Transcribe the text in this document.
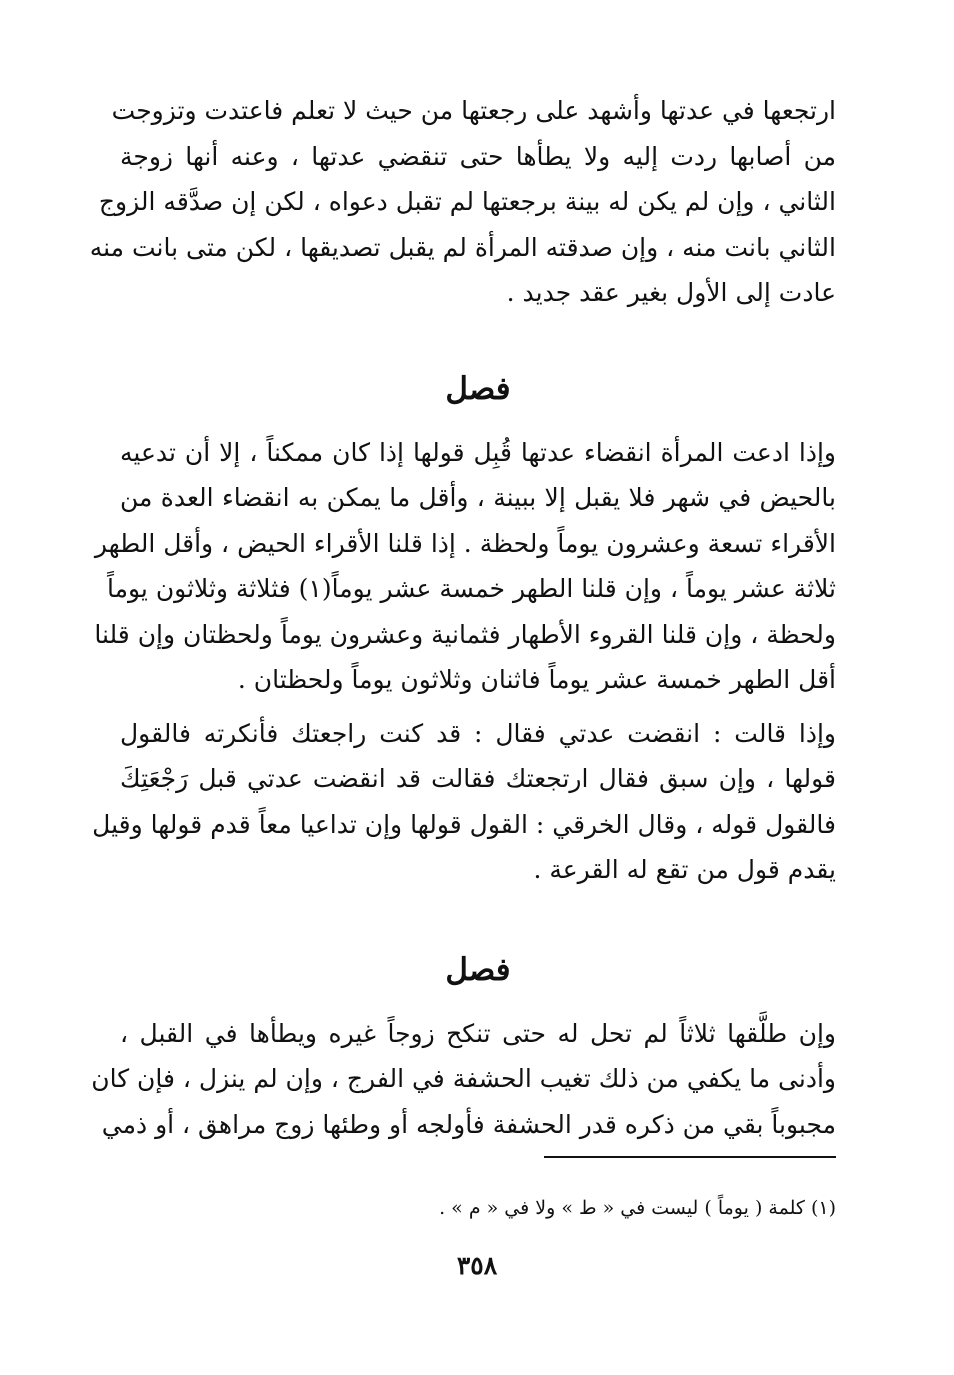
ارتجعها في عدتها وأشهد على رجعتها من حيث لا تعلم فاعتدت وتزوجت

من أصابها ردت إليه ولا يطأها حتى تنقضي عدتها ، وعنه أنها زوجة

الثاني ، وإن لم يكن له بينة برجعتها لم تقبل دعواه ، لكن إن صدَّقه الزوج

الثاني بانت منه ، وإن صدقته المرأة لم يقبل تصديقها ، لكن متى بانت منه

عادت إلى الأول بغير عقد جديد .

فصل

وإذا ادعت المرأة انقضاء عدتها قُبِل قولها إذا كان ممكناً ، إلا أن تدعيه

بالحيض في شهر فلا يقبل إلا ببينة ، وأقل ما يمكن به انقضاء العدة من

الأقراء تسعة وعشرون يوماً ولحظة . إذا قلنا الأقراء الحيض ، وأقل الطهر

ثلاثة عشر يوماً ، وإن قلنا الطهر خمسة عشر يوماً(١) فثلاثة وثلاثون يوماً

ولحظة ، وإن قلنا القروء الأطهار فثمانية وعشرون يوماً ولحظتان وإن قلنا

أقل الطهر خمسة عشر يوماً فاثنان وثلاثون يوماً ولحظتان .

وإذا قالت : انقضت عدتي فقال : قد كنت راجعتك فأنكرته فالقول

قولها ، وإن سبق فقال ارتجعتك فقالت قد انقضت عدتي قبل رَجْعَتِكَ

فالقول قوله ، وقال الخرقي : القول قولها وإن تداعيا معاً قدم قولها وقيل

يقدم قول من تقع له القرعة .

فصل

وإن طلَّقها ثلاثاً لم تحل له حتى تنكح زوجاً غيره ويطأها في القبل ،

وأدنى ما يكفي من ذلك تغيب الحشفة في الفرج ، وإن لم ينزل ، فإن كان

مجبوباً بقي من ذكره قدر الحشفة فأولجه أو وطئها زوج مراهق ، أو ذمي

(١) كلمة ( يوماً ) ليست في « ط » ولا في « م » .
٣٥٨
